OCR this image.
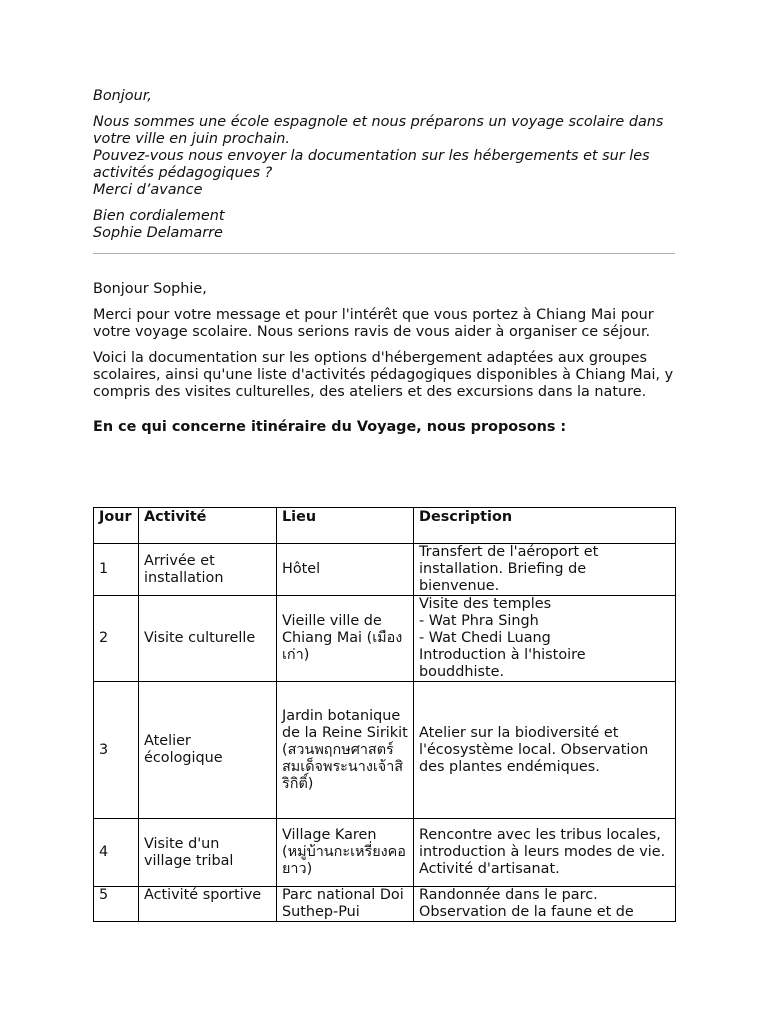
Bonjour,

Nous sommes une école espagnole et nous préparons un voyage scolaire dans votre ville en juin prochain.

Pouvez-vous nous envoyer la documentation sur les hébergements et sur les activités pédagogiques ?

Merci d’avance

Bien cordialement

Sophie Delamarre

Bonjour Sophie,

Merci pour votre message et pour l'intérêt que vous portez à Chiang Mai pour votre voyage scolaire. Nous serions ravis de vous aider à organiser ce séjour.

Voici la documentation sur les options d'hébergement adaptées aux groupes scolaires, ainsi qu'une liste d'activités pédagogiques disponibles à Chiang Mai, y compris des visites culturelles, des ateliers et des excursions dans la nature.

En ce qui concerne itinéraire du Voyage, nous proposons :

Jour	Activité	Lieu	Description
1	Arrivée et installation	Hôtel	Transfert de l'aéroport et installation. Briefing de bienvenue.
2	Visite culturelle	Vieille ville de Chiang Mai (เมืองเก่า)	Visite des temples
- Wat Phra Singh
- Wat Chedi Luang
Introduction à l'histoire bouddhiste.

3	Atelier écologique	Jardin botanique de la Reine Sirikit (สวนพฤกษศาสตร์สมเด็จพระนางเจ้าสิริกิติ์)	Atelier sur la biodiversité et l'écosystème local. Observation des plantes endémiques.
4	Visite d'un village tribal	Village Karen (หมู่บ้านกะเหรี่ยงคอยาว)	Rencontre avec les tribus locales, introduction à leurs modes de vie. Activité d'artisanat.
5	Activité sportive	Parc national Doi Suthep-Pui	Randonnée dans le parc. Observation de la faune et de
